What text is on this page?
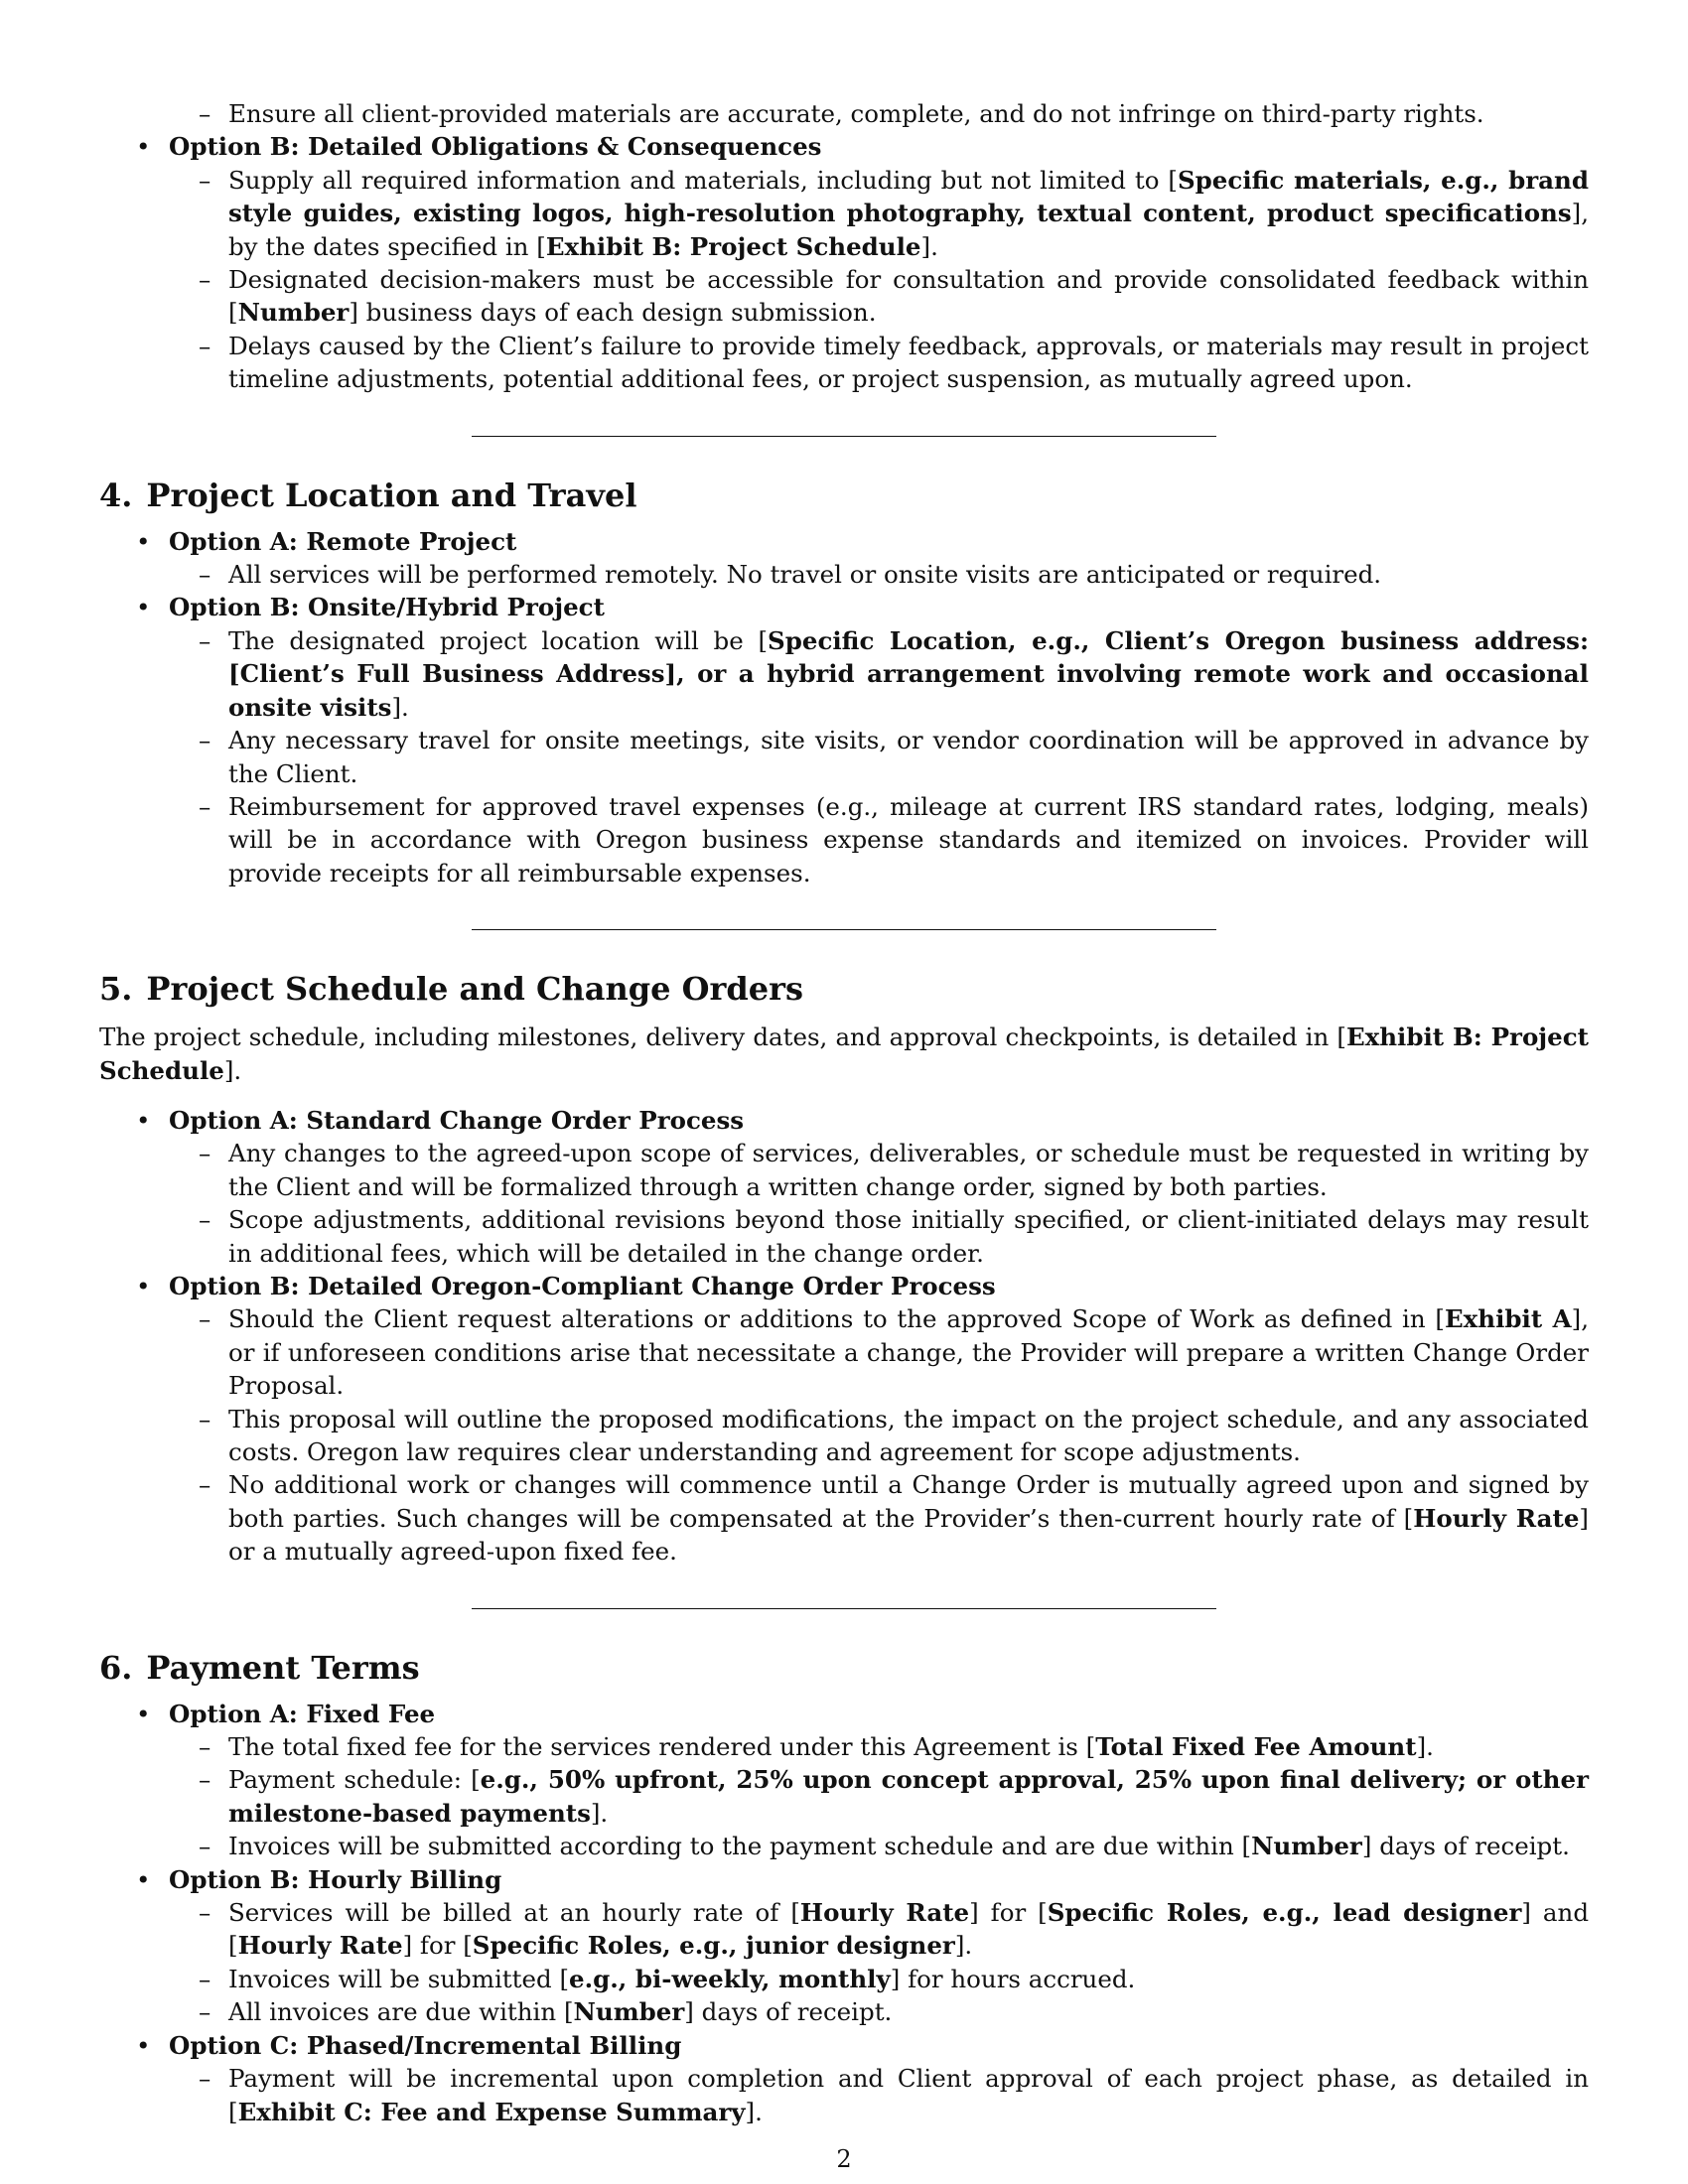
– Ensure all client-provided materials are accurate, complete, and do not infringe on third-party rights.
• Option B: Detailed Obligations & Consequences
– Supply all required information and materials, including but not limited to [Specific materials, e.g., brand style guides, existing logos, high-resolution photography, textual content, product specifications], by the dates specified in [Exhibit B: Project Schedule].
– Designated decision-makers must be accessible for consultation and provide consolidated feedback within [Number] business days of each design submission.
– Delays caused by the Client’s failure to provide timely feedback, approvals, or materials may result in project timeline adjustments, potential additional fees, or project suspension, as mutually agreed upon.
4. Project Location and Travel
• Option A: Remote Project
– All services will be performed remotely. No travel or onsite visits are anticipated or required.
• Option B: Onsite/Hybrid Project
– The designated project location will be [Specific Location, e.g., Client’s Oregon business address: [Client’s Full Business Address], or a hybrid arrangement involving remote work and occasional onsite visits].
– Any necessary travel for onsite meetings, site visits, or vendor coordination will be approved in advance by the Client.
– Reimbursement for approved travel expenses (e.g., mileage at current IRS standard rates, lodging, meals) will be in accordance with Oregon business expense standards and itemized on invoices. Provider will provide receipts for all reimbursable expenses.
5. Project Schedule and Change Orders
The project schedule, including milestones, delivery dates, and approval checkpoints, is detailed in [Exhibit B: Project Schedule].
• Option A: Standard Change Order Process
– Any changes to the agreed-upon scope of services, deliverables, or schedule must be requested in writing by the Client and will be formalized through a written change order, signed by both parties.
– Scope adjustments, additional revisions beyond those initially specified, or client-initiated delays may result in additional fees, which will be detailed in the change order.
• Option B: Detailed Oregon-Compliant Change Order Process
– Should the Client request alterations or additions to the approved Scope of Work as defined in [Exhibit A], or if unforeseen conditions arise that necessitate a change, the Provider will prepare a written Change Order Proposal.
– This proposal will outline the proposed modifications, the impact on the project schedule, and any associated costs. Oregon law requires clear understanding and agreement for scope adjustments.
– No additional work or changes will commence until a Change Order is mutually agreed upon and signed by both parties. Such changes will be compensated at the Provider’s then-current hourly rate of [Hourly Rate] or a mutually agreed-upon fixed fee.
6. Payment Terms
• Option A: Fixed Fee
– The total fixed fee for the services rendered under this Agreement is [Total Fixed Fee Amount].
– Payment schedule: [e.g., 50% upfront, 25% upon concept approval, 25% upon final delivery; or other milestone-based payments].
– Invoices will be submitted according to the payment schedule and are due within [Number] days of receipt.
• Option B: Hourly Billing
– Services will be billed at an hourly rate of [Hourly Rate] for [Specific Roles, e.g., lead designer] and [Hourly Rate] for [Specific Roles, e.g., junior designer].
– Invoices will be submitted [e.g., bi-weekly, monthly] for hours accrued.
– All invoices are due within [Number] days of receipt.
• Option C: Phased/Incremental Billing
– Payment will be incremental upon completion and Client approval of each project phase, as detailed in [Exhibit C: Fee and Expense Summary].
2
